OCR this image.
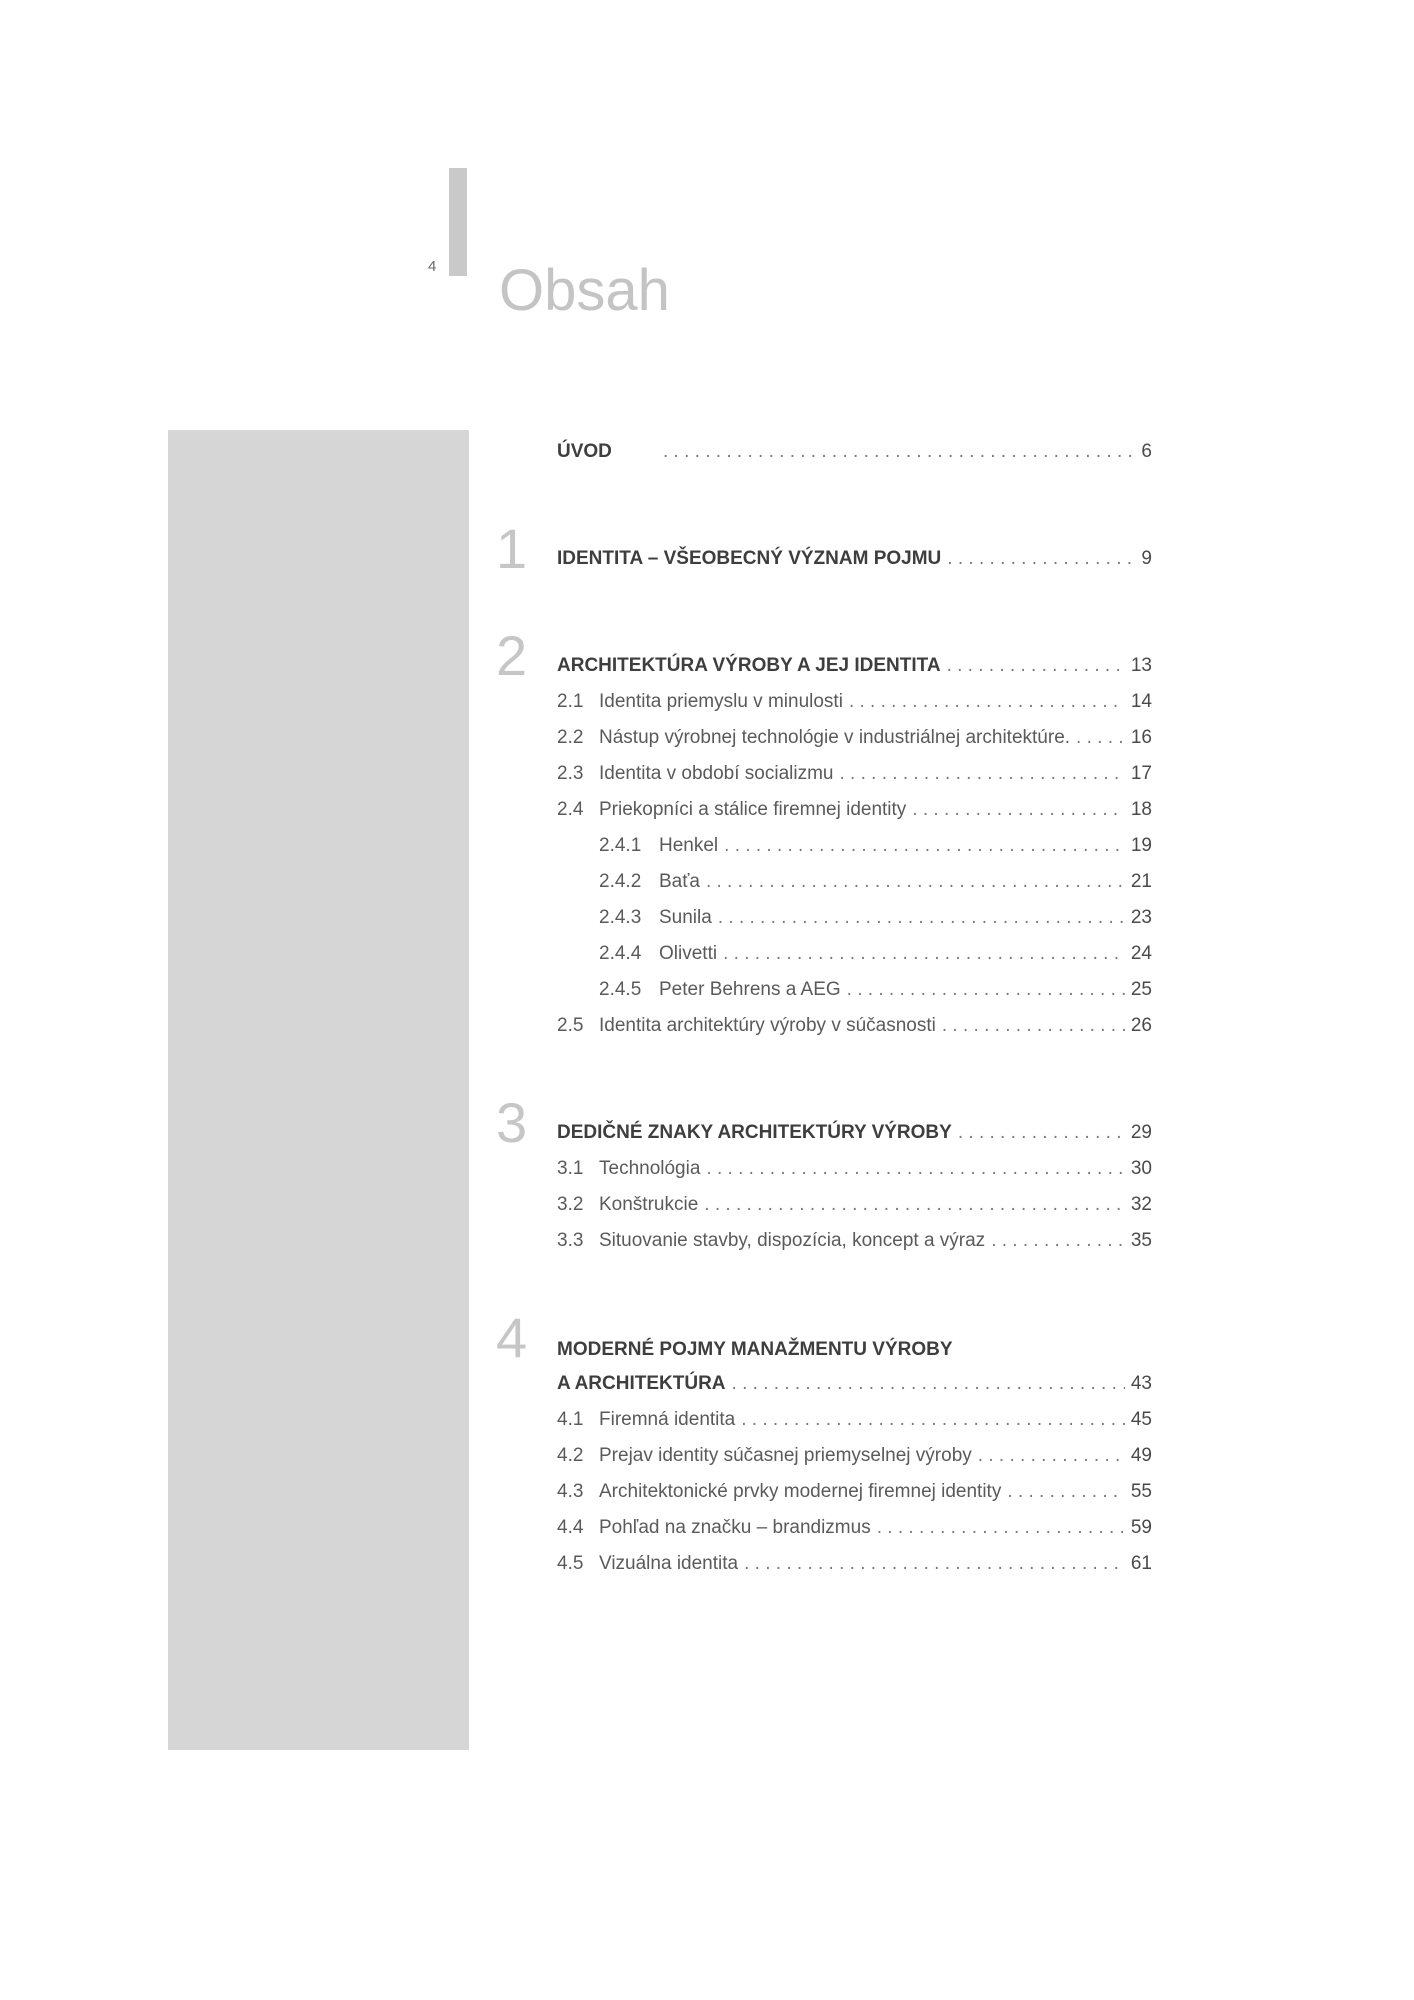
4 Obsah
ÚVOD . . .	6
1 IDENTITA – VŠEOBECNÝ VÝZNAM POJMU . . .	9
2 ARCHITEKTÚRA VÝROBY A JEJ IDENTITA . . .	13
2.1 Identita priemyslu v minulosti . . .	14
2.2 Nástup výrobnej technológie v industriálnej architektúre. . . .	16
2.3 Identita v období socializmu . . .	17
2.4 Priekopníci a stálice firemnej identity . . .	18
2.4.1 Henkel . . .	19
2.4.2 Baťa . . .	21
2.4.3 Sunila . . .	23
2.4.4 Olivetti . . .	24
2.4.5 Peter Behrens a AEG . . .	25
2.5 Identita architektúry výroby v súčasnosti . . .	26
3 DEDIČNÉ ZNAKY ARCHITEKTÚRY VÝROBY . . .	29
3.1 Technológia . . .	30
3.2 Konštrukcie . . .	32
3.3 Situovanie stavby, dispozícia, koncept a výraz . . .	35
4 MODERNÉ POJMY MANAŽMENTU VÝROBY
A ARCHITEKTÚRA . . .	43
4.1 Firemná identita . . .	45
4.2 Prejav identity súčasnej priemyselnej výroby . . .	49
4.3 Architektonické prvky modernej firemnej identity . . .	55
4.4 Pohľad na značku – brandizmus . . .	59
4.5 Vizuálna identita . . .	61
